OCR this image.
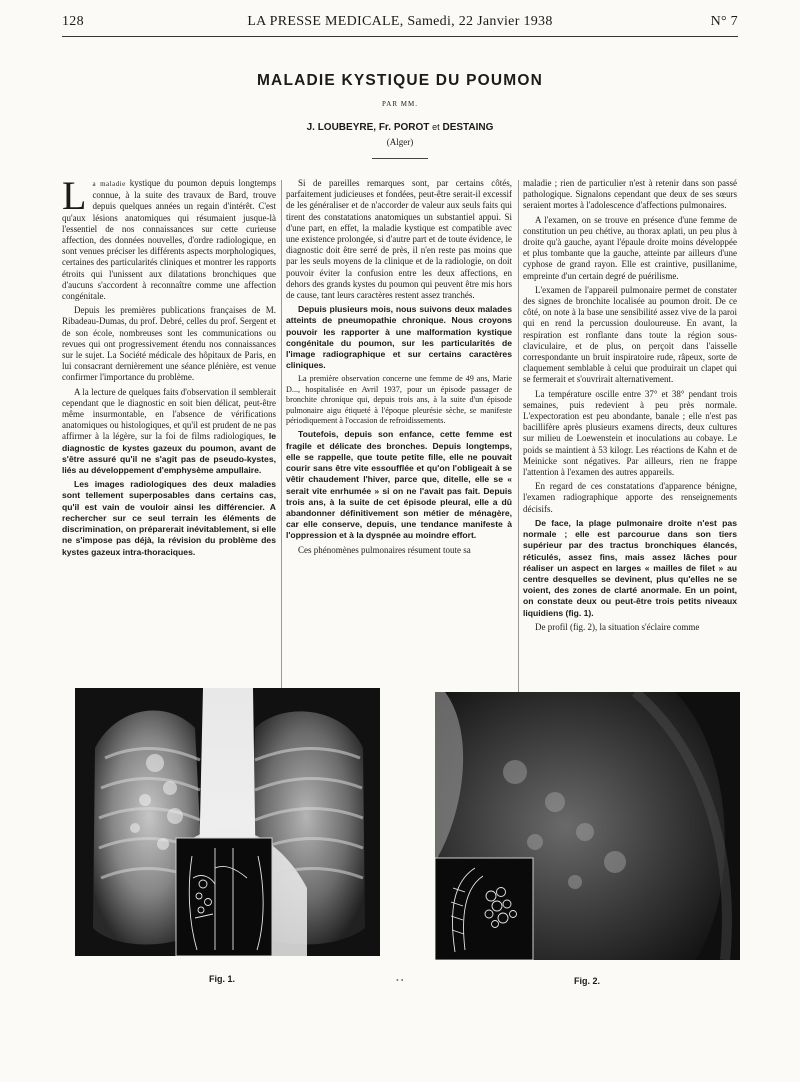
128	LA PRESSE MEDICALE, Samedi, 22 Janvier 1938	N° 7
MALADIE KYSTIQUE DU POUMON
PAR MM.
J. LOUBEYRE, Fr. POROT et DESTAING
(Alger)

La maladie kystique du poumon depuis longtemps connue, à la suite des travaux de Bard, trouve depuis quelques années un regain d'intérêt. C'est qu'aux lésions anatomiques qui résumaient jusque-là l'essentiel de nos connaissances sur cette curieuse affection, des données nouvelles, d'ordre radiologique, en sont venues préciser les différents aspects morphologiques, certaines des particularités cliniques et montrer les rapports étroits qui l'unissent aux dilatations bronchiques que d'aucuns s'accordent à reconnaître comme une affection congénitale.

Depuis les premières publications françaises de M. Ribadeau-Dumas, du prof. Debré, celles du prof. Sergent et de son école, nombreuses sont les communications ou revues qui ont progressivement étendu nos connaissances sur le sujet. La Société médicale des hôpitaux de Paris, en lui consacrant dernièrement une séance plénière, est venue confirmer l'importance du problème.

A la lecture de quelques faits d'observation il semblerait cependant que le diagnostic en soit bien délicat, peut-être même insurmontable, en l'absence de vérifications anatomiques ou histologiques, et qu'il est prudent de ne pas affirmer à la légère, sur la foi de films radiologiques, le diagnostic de kystes gazeux du poumon, avant de s'être assuré qu'il ne s'agit pas de pseudo-kystes, liés au développement d'emphysème ampullaire.

Les images radiologiques des deux maladies sont tellement superposables dans certains cas, qu'il est vain de vouloir ainsi les différencier. A rechercher sur ce seul terrain les éléments de discrimination, on préparerait inévitablement, si elle ne s'impose pas déjà, la révision du problème des kystes gazeux intra-thoraciques.

Si de pareilles remarques sont, par certains côtés, parfaitement judicieuses et fondées, peut-être serait-il excessif de les généraliser et de n'accorder de valeur aux seuls faits qui tirent des constatations anatomiques un substantiel appui. Si d'une part, en effet, la maladie kystique est compatible avec une existence prolongée, si d'autre part et de toute évidence, le diagnostic doit être serré de près, il n'en reste pas moins que par les seuls moyens de la clinique et de la radiologie, on doit pouvoir éviter la confusion entre les deux affections, en dehors des grands kystes du poumon qui peuvent être mis hors de cause, tant leurs caractères restent assez tranchés.

Depuis plusieurs mois, nous suivons deux malades atteints de pneumopathie chronique. Nous croyons pouvoir les rapporter à une malformation kystique congénitale du poumon, sur les particularités de l'image radiographique et sur certains caractères cliniques.

La première observation concerne une femme de 49 ans, Marie D..., hospitalisée en Avril 1937, pour un épisode passager de bronchite chronique qui, depuis trois ans, à la suite d'un épisode pulmonaire aigu étiqueté à l'époque pleurésie sèche, se manifeste périodiquement à l'occasion de refroidissements.

Toutefois, depuis son enfance, cette femme est fragile et délicate des bronches. Depuis longtemps, elle se rappelle, que toute petite fille, elle ne pouvait courir sans être vite essoufflée et qu'on l'obligeait à se vêtir chaudement l'hiver, parce que, ditelle, elle se « serait vite enrhumée » si on ne l'avait pas fait. Depuis trois ans, à la suite de cet épisode pleural, elle a dû abandonner définitivement son métier de ménagère, car elle conserve, depuis, une tendance manifeste à l'oppression et à la dyspnée au moindre effort.

Ces phénomènes pulmonaires résument toute sa

maladie ; rien de particulier n'est à retenir dans son passé pathologique. Signalons cependant que deux de ses sœurs seraient mortes à l'adolescence d'affections pulmonaires.

A l'examen, on se trouve en présence d'une femme de constitution un peu chétive, au thorax aplati, un peu plus à droite qu'à gauche, ayant l'épaule droite moins développée et plus tombante que la gauche, atteinte par ailleurs d'une cyphose de grand rayon. Elle est craintive, pusillanime, empreinte d'un certain degré de puérilisme.

L'examen de l'appareil pulmonaire permet de constater des signes de bronchite localisée au poumon droit. De ce côté, on note à la base une sensibilité assez vive de la paroi qui en rend la percussion douloureuse. En avant, la respiration est ronflante dans toute la région sous-claviculaire, et de plus, on perçoit dans l'aisselle correspondante un bruit inspiratoire rude, râpeux, sorte de claquement semblable à celui que produirait un clapet qui se fermerait et s'ouvrirait alternativement.

La température oscille entre 37° et 38° pendant trois semaines, puis redevient à peu près normale. L'expectoration est peu abondante, banale ; elle n'est pas bacillifère après plusieurs examens directs, deux cultures sur milieu de Loewenstein et inoculations au cobaye. Le poids se maintient à 53 kilogr. Les réactions de Kahn et de Meinicke sont négatives. Par ailleurs, rien ne frappe l'attention à l'examen des autres appareils.

En regard de ces constatations d'apparence bénigne, l'examen radiographique apporte des renseignements décisifs.

De face, la plage pulmonaire droite n'est pas normale ; elle est parcourue dans son tiers supérieur par des tractus bronchiques élancés, réticulés, assez fins, mais assez lâches pour réaliser un aspect en larges « mailles de filet » au centre desquelles se devinent, plus qu'elles ne se voient, des zones de clarté anormale. En un point, on constate deux ou peut-être trois petits niveaux liquidiens (fig. 1).

De profil (fig. 2), la situation s'éclaire comme

Fig. 1.	• •	Fig. 2.
